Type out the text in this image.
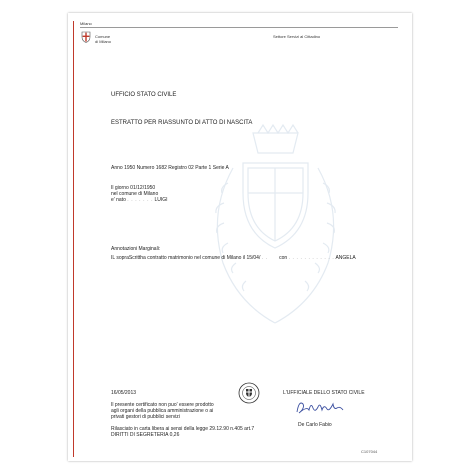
Milano
Comune
di Milano
Settore Servizi al Cittadino
UFFICIO STATO CIVILE
ESTRATTO PER RIASSUNTO DI ATTO DI NASCITA
Anno 1950 Numero 1682 Registro 02 Parte 1 Serie A
Il giorno 01/12/1950
nel comune di Milano
e' nato . . . . . . . LUIGI
Annotazioni Marginali:
IL sopraScrittha contratto matrimonio nel comune di Milano il 15/04/ . . con . . . . . . . . . . . . ANGELA
16/05/2013
Il presente certificato non puo' essere prodotto
agli organi della pubblica amministrazione o ai
privati gestori di pubblici servizi
Rilasciato in carta libera ai sensi della legge 29.12.90 n.405 art.7
DIRITTI DI SEGRETERIA 0,26
L'UFFICIALE DELLO STATO CIVILE
De Carlo Fabio
C107044
